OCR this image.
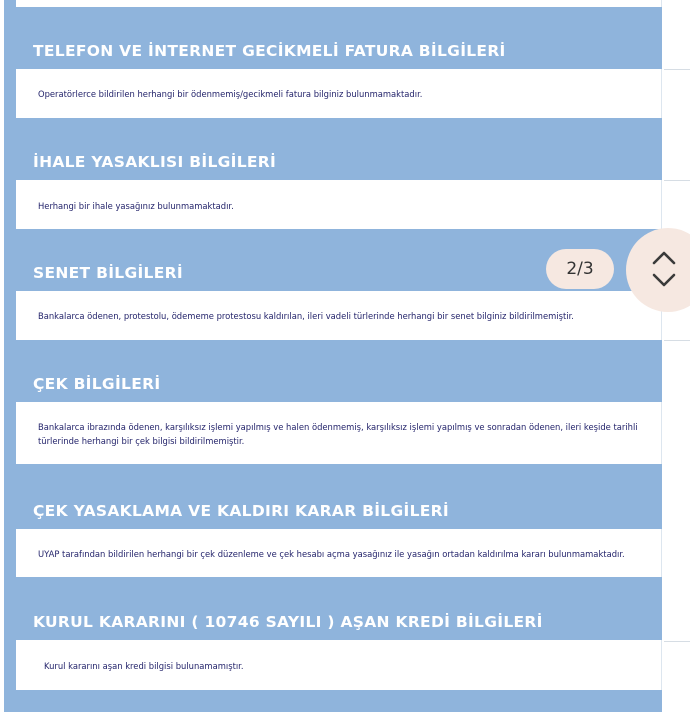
TELEFON VE İNTERNET GECİKMELİ FATURA BİLGİLERİ
Operatörlerce bildirilen herhangi bir ödenmemiş/gecikmeli fatura bilginiz bulunmamaktadır.
İHALE YASAKLISI BİLGİLERİ
Herhangi bir ihale yasağınız bulunmamaktadır.
SENET BİLGİLERİ
Bankalarca ödenen, protestolu, ödememe protestosu kaldırılan, ileri vadeli türlerinde herhangi bir senet bilginiz bildirilmemiştir.
ÇEK BİLGİLERİ
Bankalarca ibrazında ödenen, karşılıksız işlemi yapılmış ve halen ödenmemiş, karşılıksız işlemi yapılmış ve sonradan ödenen, ileri keşide tarihli türlerinde herhangi bir çek bilgisi bildirilmemiştir.
ÇEK YASAKLAMA VE KALDIRI KARAR BİLGİLERİ
UYAP tarafından bildirilen herhangi bir çek düzenleme ve çek hesabı açma yasağınız ile yasağın ortadan kaldırılma kararı bulunmamaktadır.
KURUL KARARINI ( 10746 SAYILI ) AŞAN KREDİ BİLGİLERİ
Kurul kararını aşan kredi bilgisi bulunamamıştır.
2/3
